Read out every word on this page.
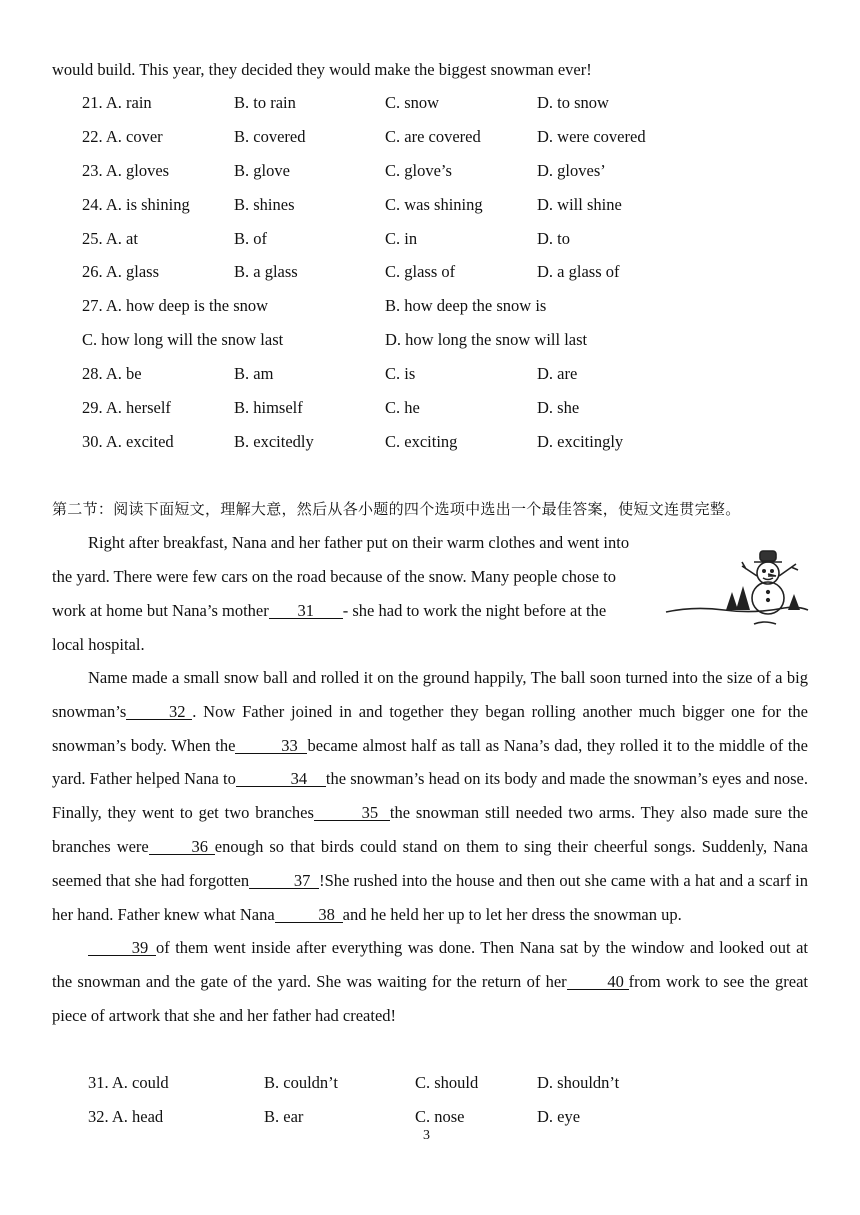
would build. This year, they decided they would make the biggest snowman ever!
21. A. rain	B. to rain	C. snow	D. to snow
22. A. cover	B. covered	C. are covered	D. were covered
23. A. gloves	B. glove	C. glove’s	D. gloves’
24. A. is shining	B. shines	C. was shining	D. will shine
25. A. at	B. of	C. in	D. to
26. A. glass	B. a glass	C. glass of	D. a glass of
27. A. how deep is the snow	B. how deep the snow is
C. how long will the snow last	D. how long the snow will last
28. A. be	B. am	C. is	D. are
29. A. herself	B. himself	C. he	D. she
30. A. excited	B. excitedly	C. exciting	D. excitingly
第二节：阅读下面短文，理解大意，然后从各小题的四个选项中选出一个最佳答案，使短文连贯完整。
Right after breakfast, Nana and her father put on their warm clothes and went into
the yard. There were few cars on the road because of the snow. Many people chose to
work at home but Nana’s mother 31 - she had to work the night before at the
local hospital.

Name made a small snow ball and rolled it on the ground happily, The ball soon turned into the size of a big snowman’s	32 . Now Father joined in and together they began rolling another much bigger one for the snowman’s body. When the	33 became almost half as tall as Nana’s dad, they rolled it to the middle of the yard. Father helped Nana to	34 the snowman’s head on its body and made the snowman’s eyes and nose. Finally, they went to get two branches	35 the snowman still needed two arms. They also made sure the branches were	36 enough so that birds could stand on them to sing their cheerful songs. Suddenly, Nana seemed that she had forgotten	37 !She rushed into the house and then out she came with a hat and a scarf in her hand. Father knew what Nana	38 and he held her up to let her dress the snowman up.

39 of them went inside after everything was done. Then Nana sat by the window and looked out at the snowman and the gate of the yard. She was waiting for the return of her 40 from work to see the great piece of artwork that she and her father had created!

31. A. could	B. couldn’t	C. should	D. shouldn’t
32. A. head	B. ear	C. nose	D. eye
3
